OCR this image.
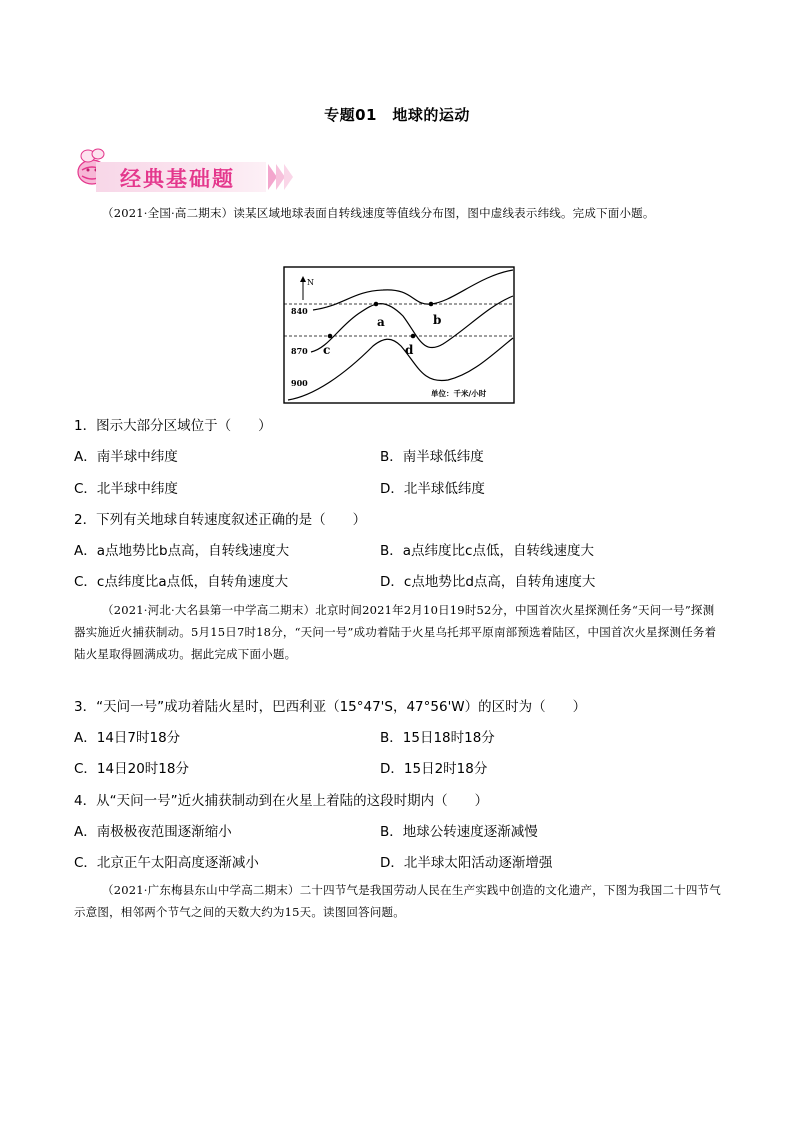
专题01　地球的运动
经典基础题
（2021·全国·高二期末）读某区域地球表面自转线速度等值线分布图，图中虚线表示纬线。完成下面小题。
N
840
870
900
a	b
c	d
单位：千米/小时
1．图示大部分区域位于（　　）
A．南半球中纬度	B．南半球低纬度
C．北半球中纬度	D．北半球低纬度
2．下列有关地球自转速度叙述正确的是（　　）
A．a点地势比b点高，自转线速度大	B．a点纬度比c点低，自转线速度大
C．c点纬度比a点低，自转角速度大	D．c点地势比d点高，自转角速度大
（2021·河北·大名县第一中学高二期末）北京时间2021年2月10日19时52分，中国首次火星探测任务“天问一号”探测器实施近火捕获制动。5月15日7时18分，“天问一号”成功着陆于火星乌托邦平原南部预选着陆区，中国首次火星探测任务着陆火星取得圆满成功。据此完成下面小题。
3．“天问一号”成功着陆火星时，巴西利亚（15°47'S，47°56'W）的区时为（　　）
A．14日7时18分	B．15日18时18分
C．14日20时18分	D．15日2时18分
4．从“天问一号”近火捕获制动到在火星上着陆的这段时期内（　　）
A．南极极夜范围逐渐缩小	B．地球公转速度逐渐减慢
C．北京正午太阳高度逐渐减小	D．北半球太阳活动逐渐增强
（2021·广东梅县东山中学高二期末）二十四节气是我国劳动人民在生产实践中创造的文化遗产，下图为我国二十四节气示意图，相邻两个节气之间的天数大约为15天。读图回答问题。
